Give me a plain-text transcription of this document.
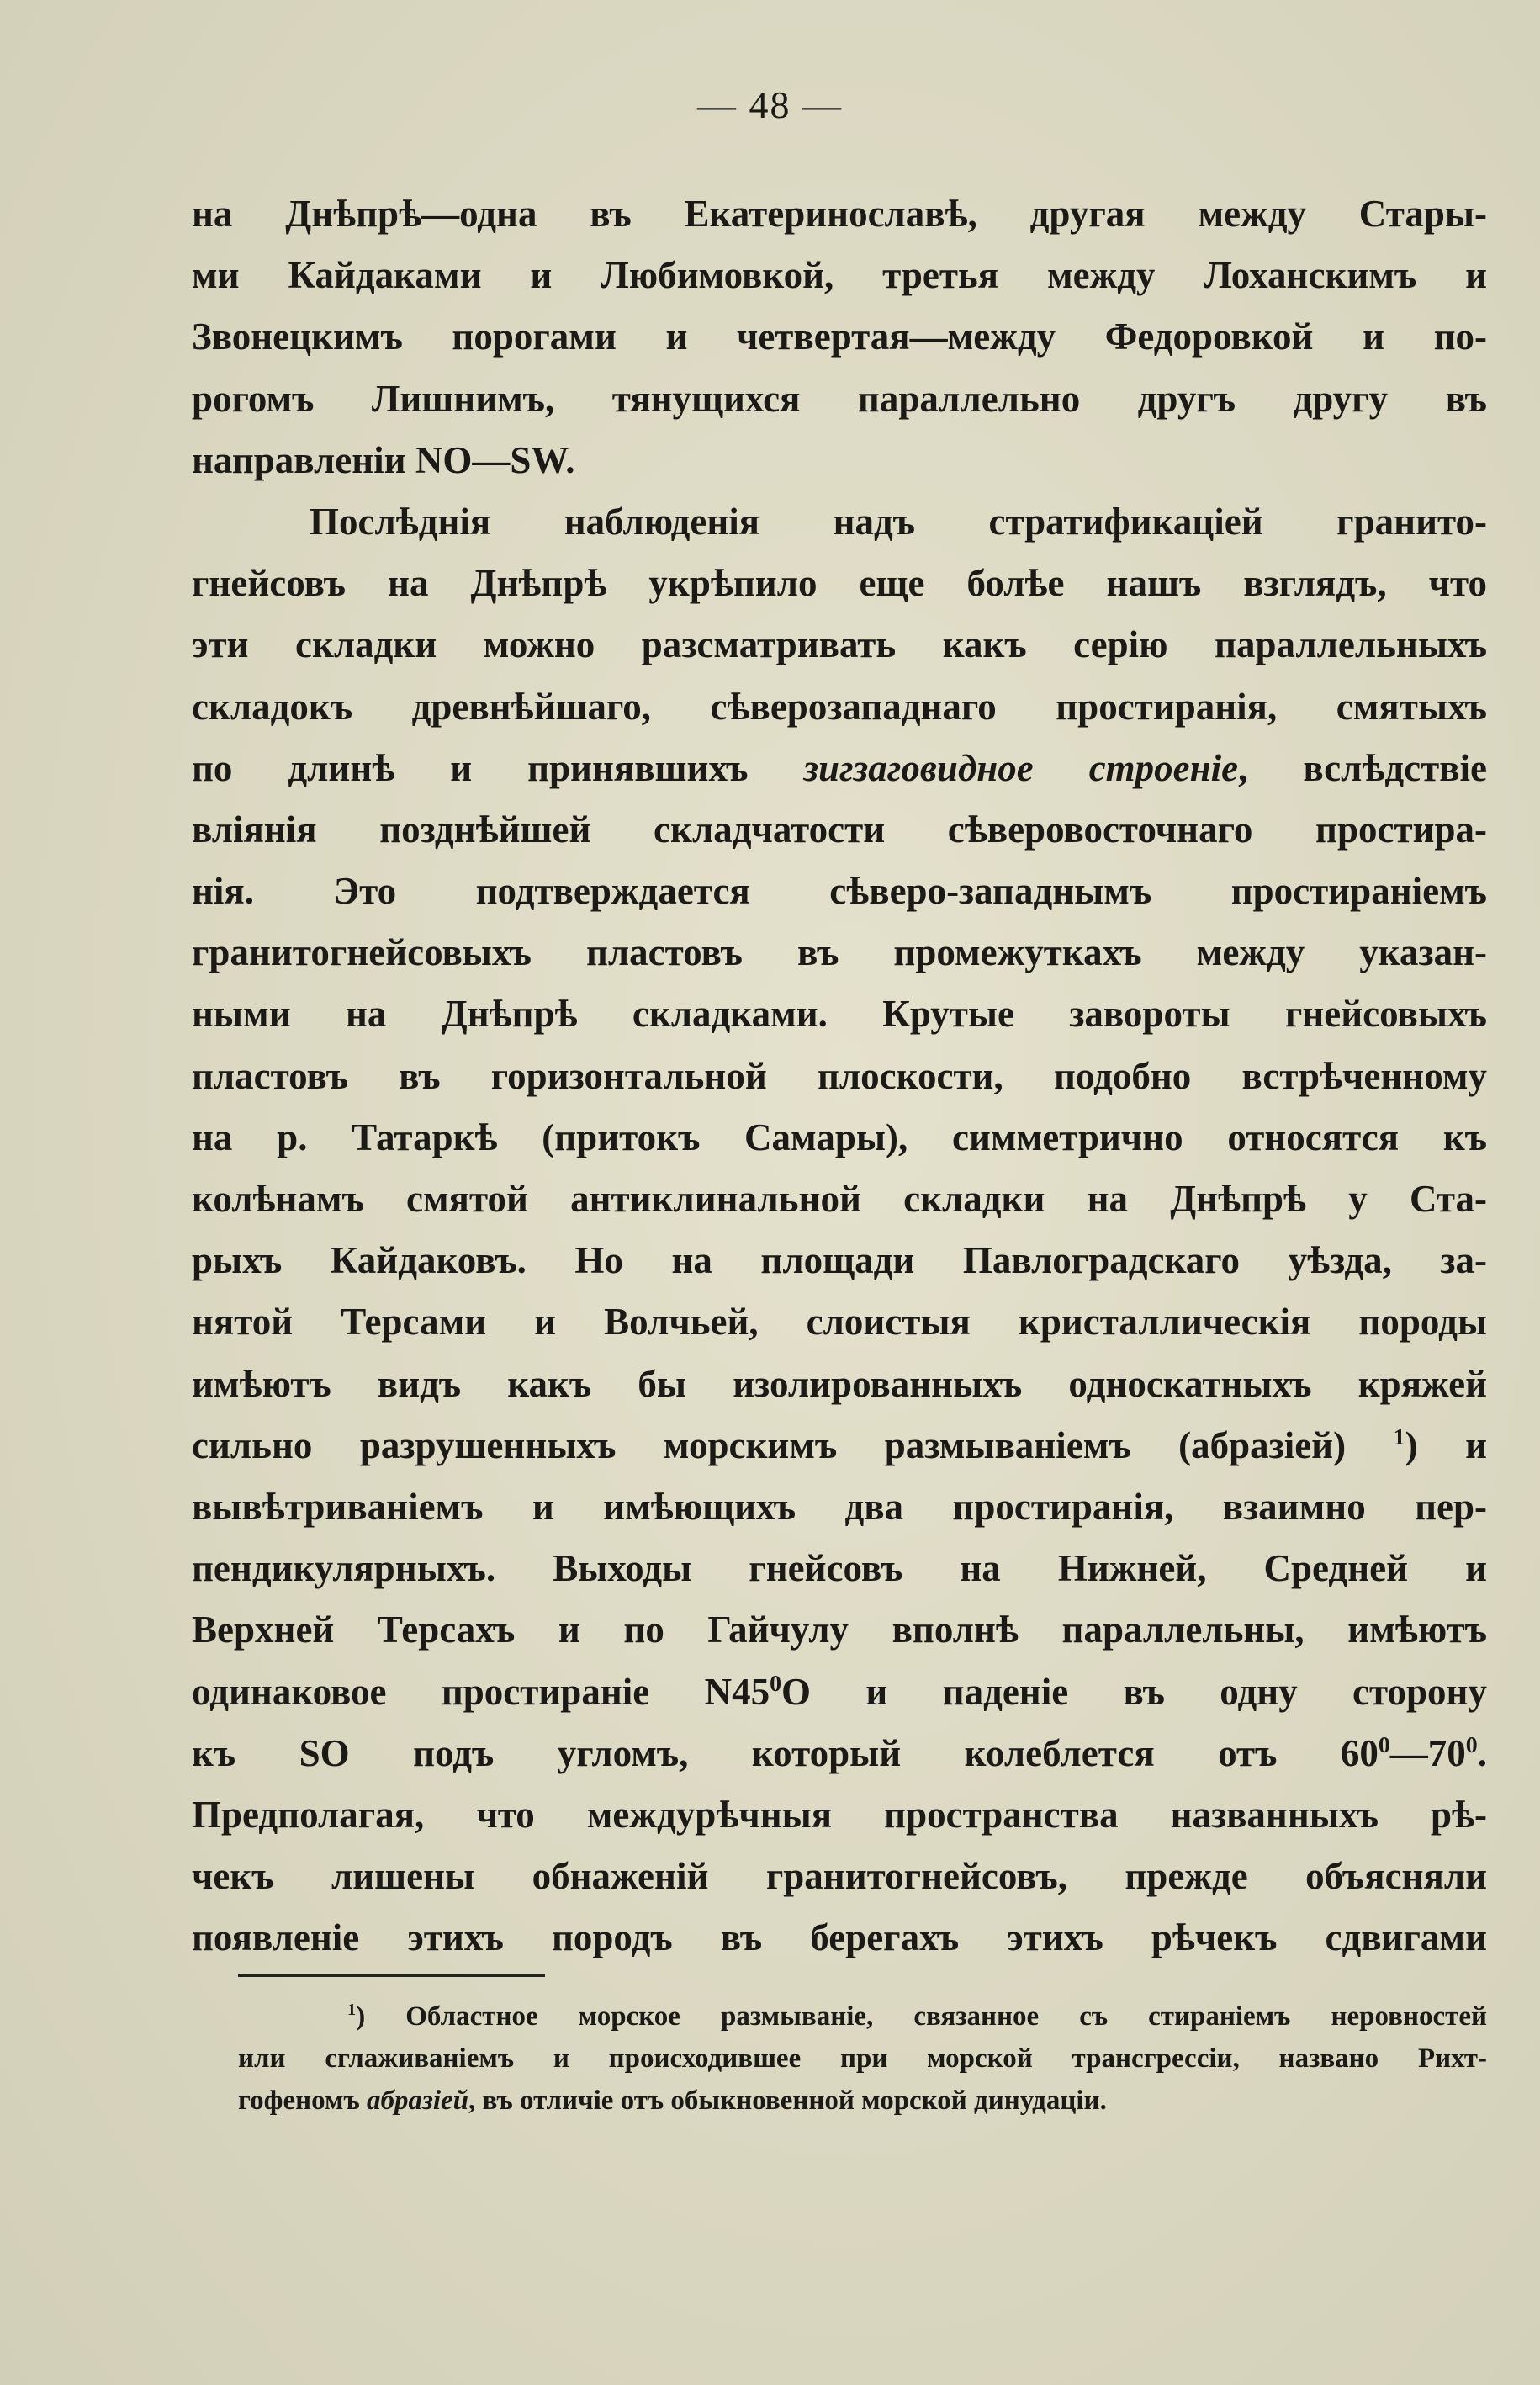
— 48 —
на Днѣпрѣ—одна въ Екатеринославѣ, другая между Стары-
ми Кайдаками и Любимовкой, третья между Лоханскимъ и
Звонецкимъ порогами и четвертая—между Федоровкой и по-
рогомъ Лишнимъ, тянущихся параллельно другъ другу въ
направленіи NO—SW.
Послѣднія наблюденія надъ стратификаціей гранито-
гнейсовъ на Днѣпрѣ укрѣпило еще болѣе нашъ взглядъ, что
эти складки можно разсматривать какъ серію параллельныхъ
складокъ древнѣйшаго, сѣверозападнаго простиранія, смятыхъ
по длинѣ и принявшихъ зигзаговидное строеніе, вслѣдствіе
вліянія позднѣйшей складчатости сѣверовосточнаго простира-
нія. Это подтверждается сѣверо-западнымъ простираніемъ
гранитогнейсовыхъ пластовъ въ промежуткахъ между указан-
ными на Днѣпрѣ складками. Крутые завороты гнейсовыхъ
пластовъ въ горизонтальной плоскости, подобно встрѣченному
на р. Татаркѣ (притокъ Самары), симметрично относятся къ
колѣнамъ смятой антиклинальной складки на Днѣпрѣ у Ста-
рыхъ Кайдаковъ. Но на площади Павлоградскаго уѣзда, за-
нятой Терсами и Волчьей, слоистыя кристаллическія породы
имѣютъ видъ какъ бы изолированныхъ односкатныхъ кряжей
сильно разрушенныхъ морскимъ размываніемъ (абразіей) $^1$) и
вывѣтриваніемъ и имѣющихъ два простиранія, взаимно пер-
пендикулярныхъ. Выходы гнейсовъ на Нижней, Средней и
Верхней Терсахъ и по Гайчулу вполнѣ параллельны, имѣютъ
одинаковое простираніе $N45^0O$ и паденіе въ одну сторону
къ SO подъ угломъ, который колеблется отъ $60^0—70^0$.
Предполагая, что междурѣчныя пространства названныхъ рѣ-
чекъ лишены обнаженій гранитогнейсовъ, прежде объясняли
появленіе этихъ породъ въ берегахъ этихъ рѣчекъ сдвигами
$^1$) Областное морское размываніе, связанное съ стираніемъ неровностей
или сглаживаніемъ и происходившее при морской трансгрессіи, названо Рихт-
гофеномъ абразіей, въ отличіе отъ обыкновенной морской динудаціи.
